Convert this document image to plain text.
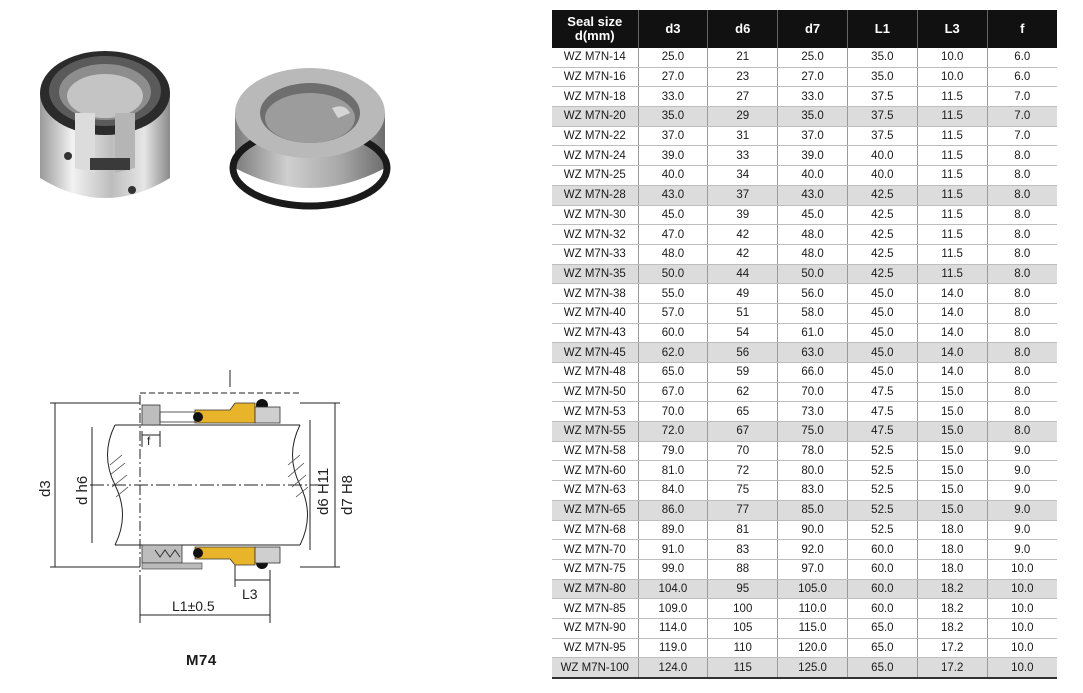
d3 d h6	d6 H11 d7 H8
f
L3
L1±0.5
M74
Seal size
d(mm)	d3	d6	d7	L1	L3	f
WZ M7N-14	25.0	21	25.0	35.0	10.0	6.0
WZ M7N-16	27.0	23	27.0	35.0	10.0	6.0
WZ M7N-18	33.0	27	33.0	37.5	11.5	7.0
WZ M7N-20	35.0	29	35.0	37.5	11.5	7.0
WZ M7N-22	37.0	31	37.0	37.5	11.5	7.0
WZ M7N-24	39.0	33	39.0	40.0	11.5	8.0
WZ M7N-25	40.0	34	40.0	40.0	11.5	8.0
WZ M7N-28	43.0	37	43.0	42.5	11.5	8.0
WZ M7N-30	45.0	39	45.0	42.5	11.5	8.0
WZ M7N-32	47.0	42	48.0	42.5	11.5	8.0
WZ M7N-33	48.0	42	48.0	42.5	11.5	8.0
WZ M7N-35	50.0	44	50.0	42.5	11.5	8.0
WZ M7N-38	55.0	49	56.0	45.0	14.0	8.0
WZ M7N-40	57.0	51	58.0	45.0	14.0	8.0
WZ M7N-43	60.0	54	61.0	45.0	14.0	8.0
WZ M7N-45	62.0	56	63.0	45.0	14.0	8.0
WZ M7N-48	65.0	59	66.0	45.0	14.0	8.0
WZ M7N-50	67.0	62	70.0	47.5	15.0	8.0
WZ M7N-53	70.0	65	73.0	47.5	15.0	8.0
WZ M7N-55	72.0	67	75.0	47.5	15.0	8.0
WZ M7N-58	79.0	70	78.0	52.5	15.0	9.0
WZ M7N-60	81.0	72	80.0	52.5	15.0	9.0
WZ M7N-63	84.0	75	83.0	52.5	15.0	9.0
WZ M7N-65	86.0	77	85.0	52.5	15.0	9.0
WZ M7N-68	89.0	81	90.0	52.5	18.0	9.0
WZ M7N-70	91.0	83	92.0	60.0	18.0	9.0
WZ M7N-75	99.0	88	97.0	60.0	18.0	10.0
WZ M7N-80	104.0	95	105.0	60.0	18.2	10.0
WZ M7N-85	109.0	100	110.0	60.0	18.2	10.0
WZ M7N-90	114.0	105	115.0	65.0	18.2	10.0
WZ M7N-95	119.0	110	120.0	65.0	17.2	10.0
WZ M7N-100	124.0	115	125.0	65.0	17.2	10.0
